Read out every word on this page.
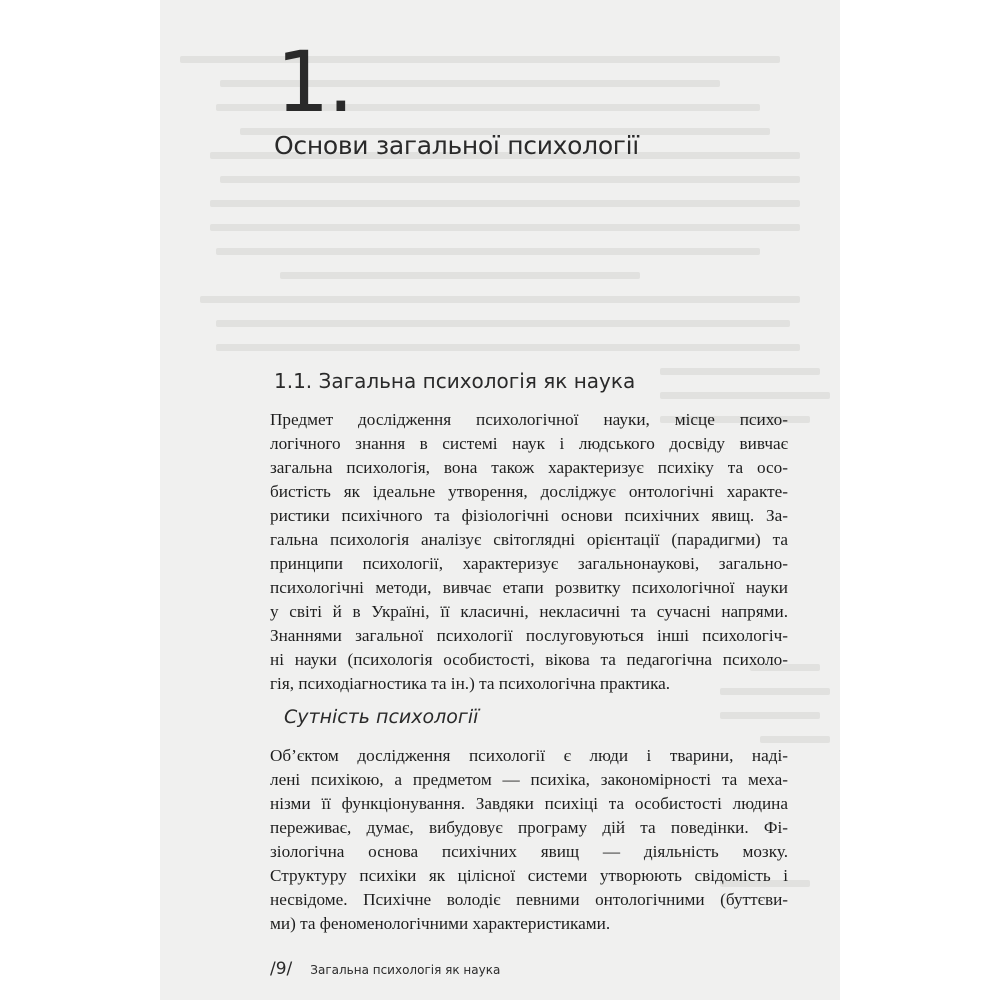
1.
Основи загальної психології
1.1. Загальна психологія як наука
Предмет дослідження психологічної науки, місце психо-
логічного знання в системі наук і людського досвіду вивчає
загальна психологія, вона також характеризує психіку та осо-
бистість як ідеальне утворення, досліджує онтологічні характе-
ристики психічного та фізіологічні основи психічних явищ. За-
гальна психологія аналізує світоглядні орієнтації (парадигми) та
принципи психології, характеризує загальнонаукові, загально-
психологічні методи, вивчає етапи розвитку психологічної науки
у світі й в Україні, її класичні, некласичні та сучасні напрями.
Знаннями загальної психології послуговуються інші психологіч-
ні науки (психологія особистості, вікова та педагогічна психоло-
гія, психодіагностика та ін.) та психологічна практика.
Сутність психології
Об’єктом дослідження психології є люди і тварини, наді-
лені психікою, а предметом — психіка, закономірності та меха-
нізми її функціонування. Завдяки психіці та особистості людина
переживає, думає, вибудовує програму дій та поведінки. Фі-
зіологічна основа психічних явищ — діяльність мозку.
Структуру психіки як цілісної системи утворюють свідомість і
несвідоме. Психічне володіє певними онтологічними (буттєви-
ми) та феноменологічними характеристиками.
/9/ Загальна психологія як наука
